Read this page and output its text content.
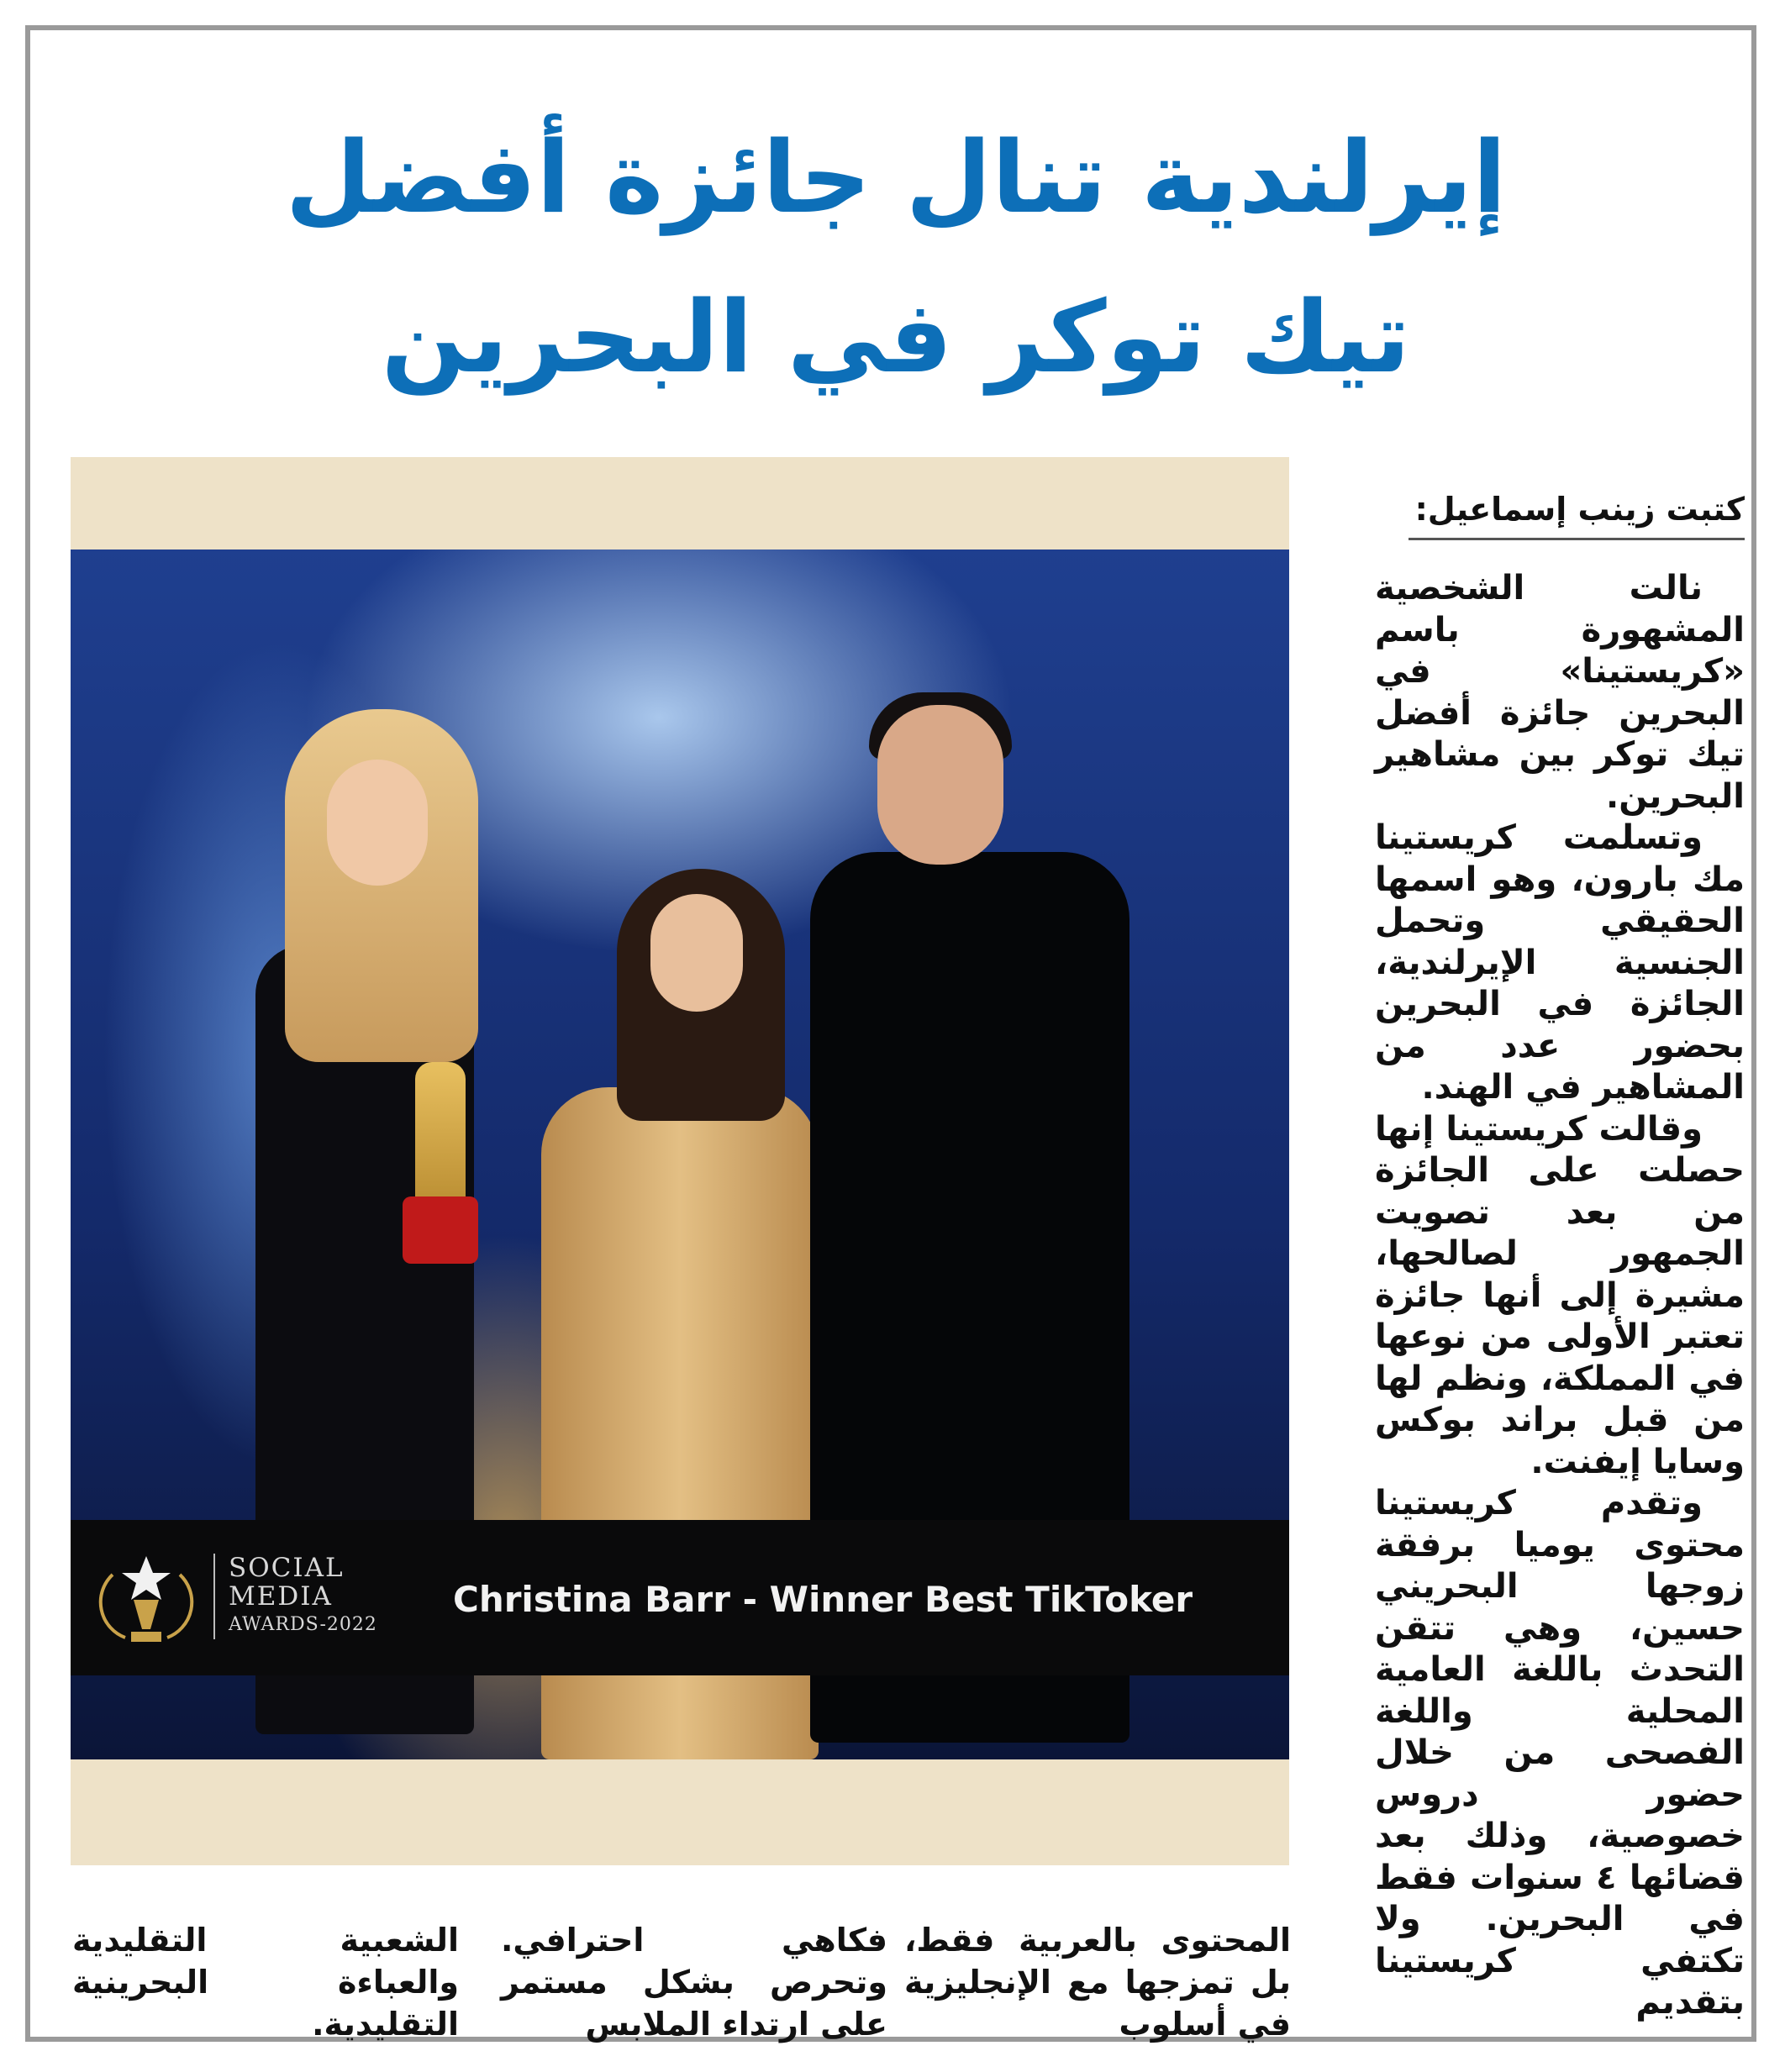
إيرلندية تنال جائزة أفضل
تيك توكر في البحرين
كتبت زينب إسماعيل:

نالت الشخصية المشهورة باسم «كريستينا» في البحرين جائزة أفضل تيك توكر بين مشاهير البحرين.

وتسلمت كريستينا مك بارون، وهو اسمها الحقيقي وتحمل الجنسية الإيرلندية، الجائزة في البحرين بحضور عدد من المشاهير في الهند.

وقالت كريستينا إنها حصلت على الجائزة من بعد تصويت الجمهور لصالحها، مشيرة إلى أنها جائزة تعتبر الأولى من نوعها في المملكة، ونظم لها من قبل براند بوكس وسايا إيفنت.

وتقدم كريستينا محتوى يوميا برفقة زوجها البحريني حسين، وهي تتقن التحدث باللغة العامية المحلية واللغة الفصحى من خلال حضور دروس خصوصية، وذلك بعد قضائها ٤ سنوات فقط في البحرين. ولا تكتفي كريستينا بتقديم

SOCIAL
MEDIA
AWARDS-2022
Christina Barr - Winner Best TikToker
المحتوى بالعربية فقط، بل تمزجها مع الإنجليزية في أسلوب
فكاهي احترافي. وتحرص بشكل مستمر على ارتداء الملابس
الشعبية التقليدية والعباءة البحرينية التقليدية.
